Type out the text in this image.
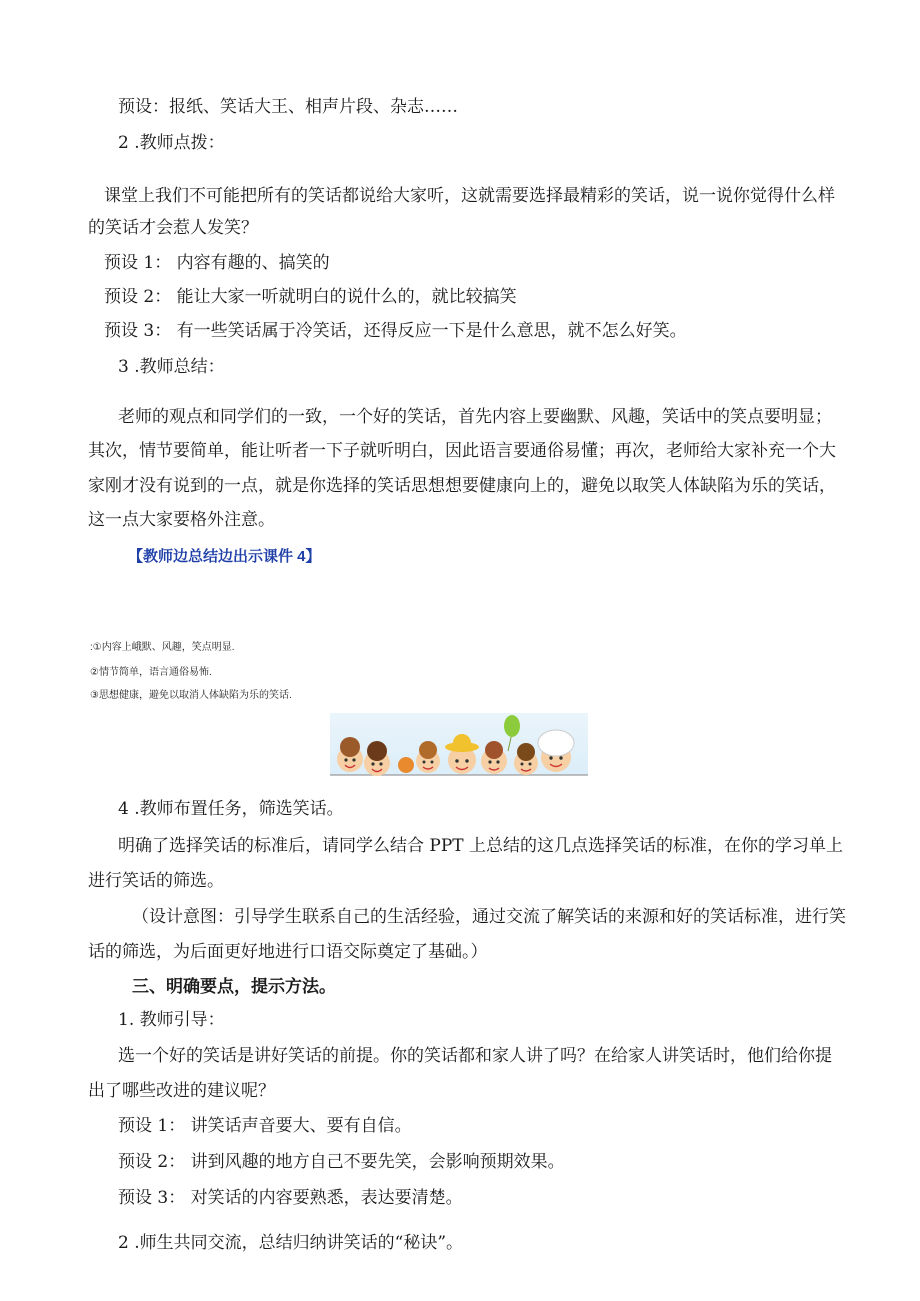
预设：报纸、笑话大王、相声片段、杂志……
2 .教师点拨：
课堂上我们不可能把所有的笑话都说给大家听，这就需要选择最精彩的笑话，说一说你觉得什么样
的笑话才会惹人发笑？
预设 1： 内容有趣的、搞笑的
预设 2： 能让大家一听就明白的说什么的，就比较搞笑
预设 3： 有一些笑话属于冷笑话，还得反应一下是什么意思，就不怎么好笑。
3 .教师总结：
老师的观点和同学们的一致，一个好的笑话，首先内容上要幽默、风趣，笑话中的笑点要明显；
其次，情节要简单，能让听者一下子就听明白，因此语言要通俗易懂；再次，老师给大家补充一个大
家刚才没有说到的一点，就是你选择的笑话思想想要健康向上的，避免以取笑人体缺陷为乐的笑话，
这一点大家要格外注意。
【教师边总结边出示课件 4】
:①内容上峨默、风趣，笑点明显.
②情节简单，语言通俗易怖.
③思想健康，避免以取消人体缺陷为乐的笑话.
4 .教师布置任务，筛选笑话。
明确了选择笑话的标准后，请同学么结合 PPT 上总结的这几点选择笑话的标准，在你的学习单上
进行笑话的筛选。
（设计意图：引导学生联系自己的生活经验，通过交流了解笑话的来源和好的笑话标准，进行笑
话的筛选，为后面更好地进行口语交际奠定了基础。）
三、明确要点，提示方法。
1. 教师引导：
选一个好的笑话是讲好笑话的前提。你的笑话都和家人讲了吗？在给家人讲笑话时，他们给你提
出了哪些改进的建议呢？
预设 1： 讲笑话声音要大、要有自信。
预设 2： 讲到风趣的地方自己不要先笑，会影响预期效果。
预设 3： 对笑话的内容要熟悉，表达要清楚。
2 .师生共同交流，总结归纳讲笑话的“秘诀”。
